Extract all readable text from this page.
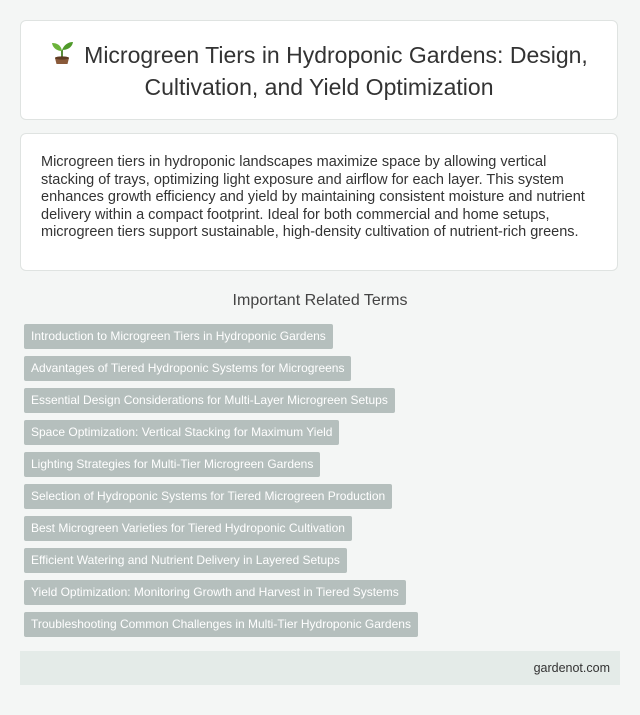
Microgreen Tiers in Hydroponic Gardens: Design, Cultivation, and Yield Optimization

Microgreen tiers in hydroponic landscapes maximize space by allowing vertical stacking of trays, optimizing light exposure and airflow for each layer. This system enhances growth efficiency and yield by maintaining consistent moisture and nutrient delivery within a compact footprint. Ideal for both commercial and home setups, microgreen tiers support sustainable, high-density cultivation of nutrient-rich greens.

Important Related Terms
Introduction to Microgreen Tiers in Hydroponic Gardens
Advantages of Tiered Hydroponic Systems for Microgreens
Essential Design Considerations for Multi-Layer Microgreen Setups
Space Optimization: Vertical Stacking for Maximum Yield
Lighting Strategies for Multi-Tier Microgreen Gardens
Selection of Hydroponic Systems for Tiered Microgreen Production
Best Microgreen Varieties for Tiered Hydroponic Cultivation
Efficient Watering and Nutrient Delivery in Layered Setups
Yield Optimization: Monitoring Growth and Harvest in Tiered Systems
Troubleshooting Common Challenges in Multi-Tier Hydroponic Gardens
gardenot.com
